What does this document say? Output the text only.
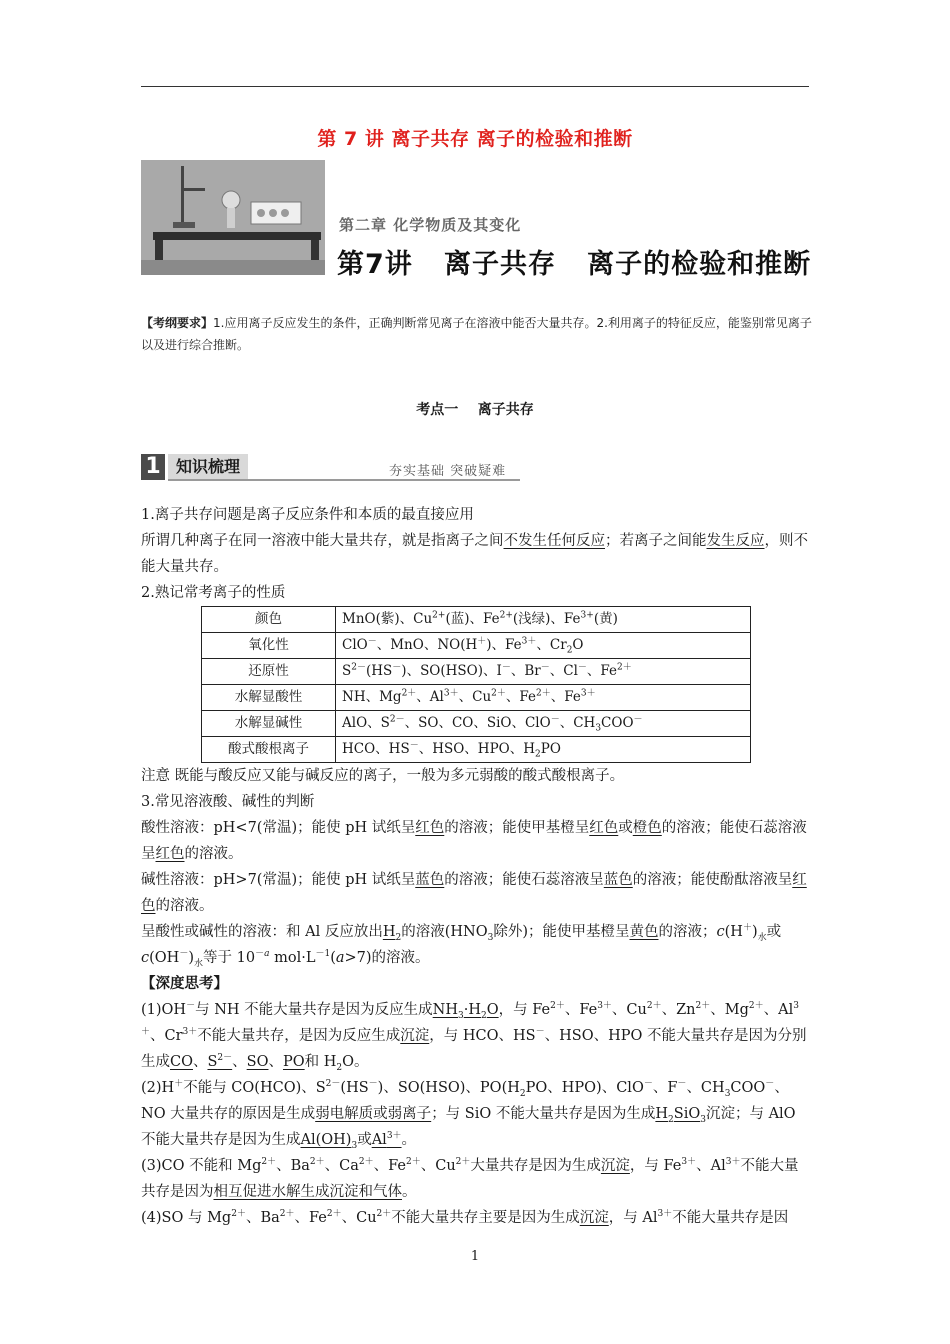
第 7 讲 离子共存 离子的检验和推断
第二章 化学物质及其变化
第7讲   离子共存   离子的检验和推断
【考纲要求】1.应用离子反应发生的条件，正确判断常见离子在溶液中能否大量共存。2.利用离子的特征反应，能鉴别常见离子以及进行综合推断。
考点一    离子共存
1 知识梳理	夯实基础 突破疑难

1.离子共存问题是离子反应条件和本质的最直接应用

所谓几种离子在同一溶液中能大量共存，就是指离子之间不发生任何反应；若离子之间能发生反应，则不能大量共存。

2.熟记常考离子的性质

颜色	MnO(紫)、$Cu^{2+}$(蓝)、$Fe^{2+}$(浅绿)、$Fe^{3+}$(黄)
氧化性	ClO－、MnO、NO(H＋)、$Fe^{3+}$、$Cr_2O$
还原性	$S^{2-}(HS^-)$、SO(HSO)、I－、Br－、Cl－、$Fe^{2+}$
水解显酸性	NH、$Mg^{2+}$、$Al^{3+}$、$Cu^{2+}$、$Fe^{2+}$、$Fe^{3+}$
水解显碱性	AlO、$S^{2-}$、SO、CO、SiO、ClO－、$CH_3COO^-$
酸式酸根离子	HCO、HS－、HSO、HPO、$H_2PO$

注意 既能与酸反应又能与碱反应的离子，一般为多元弱酸的酸式酸根离子。

3.常见溶液酸、碱性的判断

酸性溶液：pH<7(常温)；能使 pH 试纸呈红色的溶液；能使甲基橙呈红色或橙色的溶液；能使石蕊溶液呈红色的溶液。

碱性溶液：pH>7(常温)；能使 pH 试纸呈蓝色的溶液；能使石蕊溶液呈蓝色的溶液；能使酚酞溶液呈红色的溶液。

呈酸性或碱性的溶液：和 Al 反应放出$H_2$的溶液($HNO_3$除外)；能使甲基橙呈黄色的溶液；$c(H^+)_水$或 $c(OH^-)_水$等于 $10^{-a}$ $mol\cdot L^{-1}(a>7)$的溶液。

【深度思考】

(1)OH－与 NH 不能大量共存是因为反应生成$NH_3\cdot H_2O$，与 $Fe^{2+}$、$Fe^{3+}$、$Cu^{2+}$、$Zn^{2+}$、$Mg^{2+}$、$Al^{3+}$、$Cr^{3+}$不能大量共存，是因为反应生成沉淀，与 HCO、HS－、HSO、HPO 不能大量共存是因为分别生成CO、$S^{2-}$、SO、PO和 $H_2O$。

(2)H＋不能与 CO(HCO)、$S^{2-}(HS^-)$、SO(HSO)、$PO(H_2PO$、HPO)、ClO－、F－、$CH_3COO^-$、NO 大量共存的原因是生成弱电解质或弱离子；与 SiO 不能大量共存是因为生成$H_2SiO_3$沉淀；与 AlO 不能大量共存是因为生成$Al(OH)_3$或$Al^{3+}$。

(3)CO 不能和 $Mg^{2+}$、$Ba^{2+}$、$Ca^{2+}$、$Fe^{2+}$、$Cu^{2+}$大量共存是因为生成沉淀，与 $Fe^{3+}$、$Al^{3+}$不能大量共存是因为相互促进水解生成沉淀和气体。

(4)SO 与 $Mg^{2+}$、$Ba^{2+}$、$Fe^{2+}$、$Cu^{2+}$不能大量共存主要是因为生成沉淀，与 $Al^{3+}$不能大量共存是因

1
